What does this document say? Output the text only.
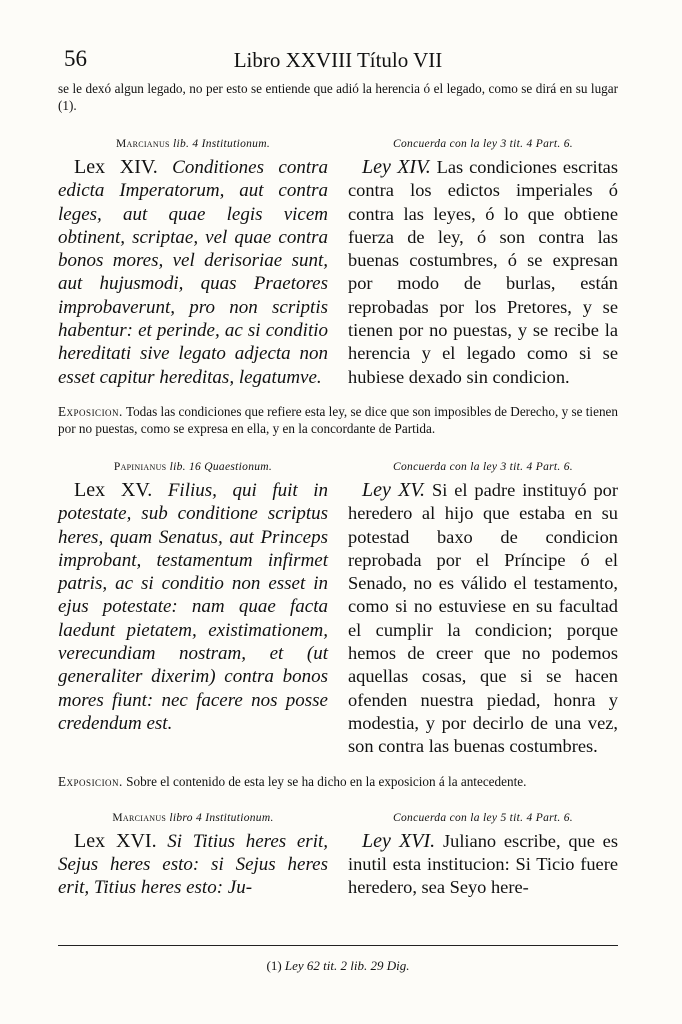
56	Libro XXVIII Título VII
se le dexó algun legado, no per esto se entiende que adió la herencia ó el legado, como se dirá en su lugar (1).
Marcianus lib. 4 Institutionum.
Lex XIV. Conditiones contra edicta Imperatorum, aut contra leges, aut quae legis vicem obtinent, scriptae, vel quae contra bonos mores, vel derisoriae sunt, aut hujusmodi, quas Praetores improbaverunt, pro non scriptis habentur: et perinde, ac si conditio hereditati sive legato adjecta non esset capitur hereditas, legatumve.
Concuerda con la ley 3 tit. 4 Part. 6.
Ley XIV. Las condiciones escritas contra los edictos imperiales ó contra las leyes, ó lo que obtiene fuerza de ley, ó son contra las buenas costumbres, ó se expresan por modo de burlas, están reprobadas por los Pretores, y se tienen por no puestas, y se recibe la herencia y el legado como si se hubiese dexado sin condicion.
Exposicion. Todas las condiciones que refiere esta ley, se dice que son imposibles de Derecho, y se tienen por no puestas, como se expresa en ella, y en la concordante de Partida.
Papinianus lib. 16 Quaestionum.
Lex XV. Filius, qui fuit in potestate, sub conditione scriptus heres, quam Senatus, aut Princeps improbant, testamentum infirmet patris, ac si conditio non esset in ejus potestate: nam quae facta laedunt pietatem, existimationem, verecundiam nostram, et (ut generaliter dixerim) contra bonos mores fiunt: nec facere nos posse credendum est.
Concuerda con la ley 3 tit. 4 Part. 6.
Ley XV. Si el padre instituyó por heredero al hijo que estaba en su potestad baxo de condicion reprobada por el Príncipe ó el Senado, no es válido el testamento, como si no estuviese en su facultad el cumplir la condicion; porque hemos de creer que no podemos aquellas cosas, que si se hacen ofenden nuestra piedad, honra y modestia, y por decirlo de una vez, son contra las buenas costumbres.
Exposicion. Sobre el contenido de esta ley se ha dicho en la exposicion á la antecedente.
Marcianus libro 4 Institutionum.
Lex XVI. Si Titius heres erit, Sejus heres esto: si Sejus heres erit, Titius heres esto: Ju-
Concuerda con la ley 5 tit. 4 Part. 6.
Ley XVI. Juliano escribe, que es inutil esta institucion: Si Ticio fuere heredero, sea Seyo here-
(1) Ley 62 tit. 2 lib. 29 Dig.
